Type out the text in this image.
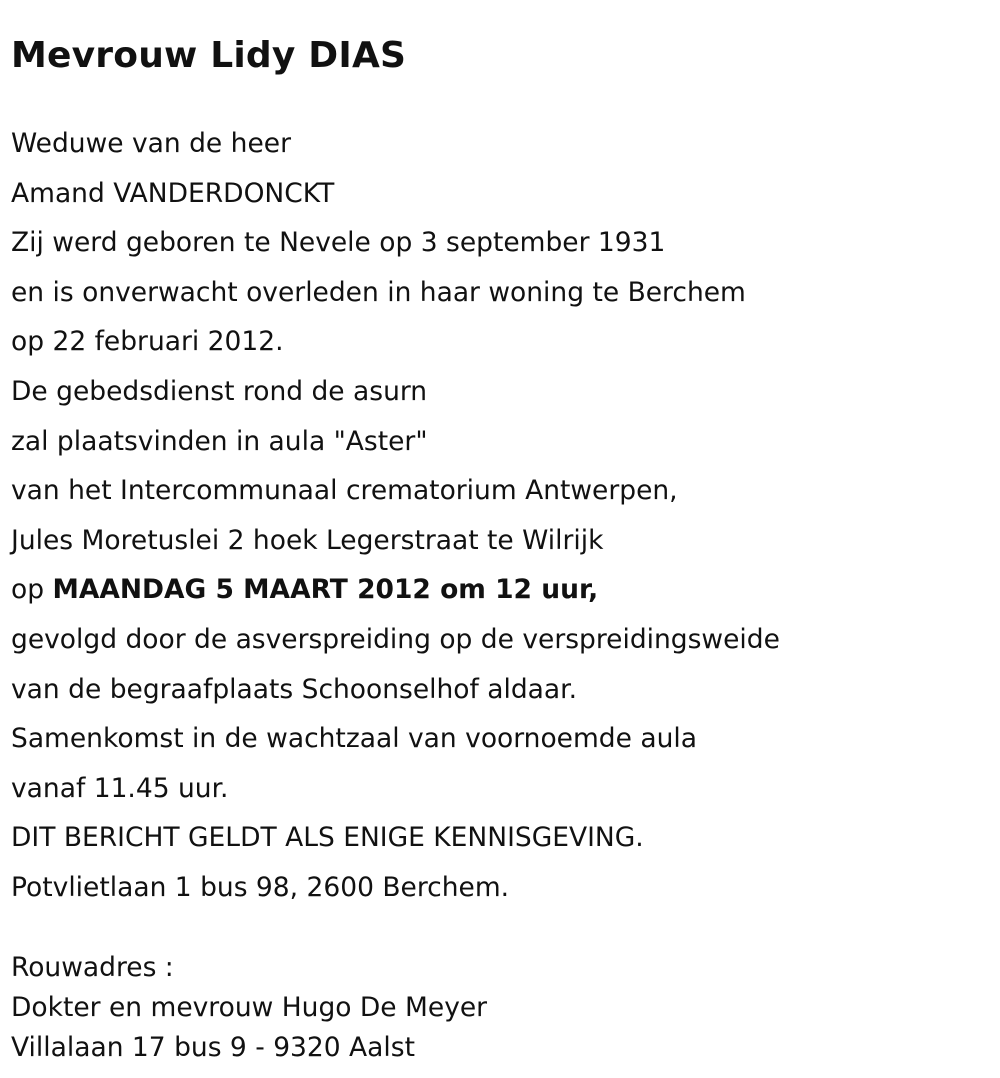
Mevrouw Lidy DIAS
Weduwe van de heer
Amand VANDERDONCKT
Zij werd geboren te Nevele op 3 september 1931
en is onverwacht overleden in haar woning te Berchem
op 22 februari 2012.
De gebedsdienst rond de asurn
zal plaatsvinden in aula "Aster"
van het Intercommunaal crematorium Antwerpen,
Jules Moretuslei 2 hoek Legerstraat te Wilrijk
op MAANDAG 5 MAART 2012 om 12 uur,
gevolgd door de asverspreiding op de verspreidingsweide
van de begraafplaats Schoonselhof aldaar.
Samenkomst in de wachtzaal van voornoemde aula
vanaf 11.45 uur.
DIT BERICHT GELDT ALS ENIGE KENNISGEVING.
Potvlietlaan 1 bus 98, 2600 Berchem.
Rouwadres :
Dokter en mevrouw Hugo De Meyer
Villalaan 17 bus 9 - 9320 Aalst
